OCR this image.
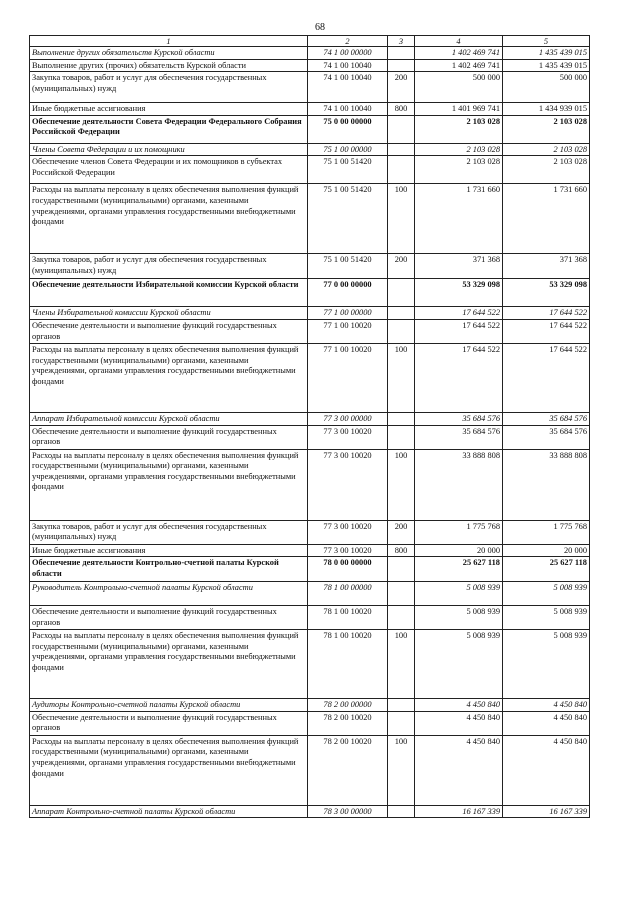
68
1	2	3	4	5
Выполнение других обязательств Курской области	74 1 00 00000		1 402 469 741	1 435 439 015
Выполнение других (прочих) обязательств Курской области	74 1 00 10040		1 402 469 741	1 435 439 015
Закупка товаров, работ и услуг для обеспечения государственных (муниципальных) нужд	74 1 00 10040	200	500 000	500 000
Иные бюджетные ассигнования	74 1 00 10040	800	1 401 969 741	1 434 939 015
Обеспечение деятельности Совета Федерации Федерального Собрания Российской Федерации	75 0 00 00000		2 103 028	2 103 028
Члены Совета Федерации и их помощники	75 1 00 00000		2 103 028	2 103 028
Обеспечение членов Совета Федерации и их помощников в субъектах Российской Федерации	75 1 00 51420		2 103 028	2 103 028
Расходы на выплаты персоналу в целях обеспечения выполнения функций государственными (муниципальными) органами, казенными учреждениями, органами управления государственными внебюджетными фондами	75 1 00 51420	100	1 731 660	1 731 660
Закупка товаров, работ и услуг для обеспечения государственных (муниципальных) нужд	75 1 00 51420	200	371 368	371 368
Обеспечение деятельности Избирательной комиссии Курской области	77 0 00 00000		53 329 098	53 329 098
Члены Избирательной комиссии Курской области	77 1 00 00000		17 644 522	17 644 522
Обеспечение деятельности и выполнение функций государственных органов	77 1 00 10020		17 644 522	17 644 522
Расходы на выплаты персоналу в целях обеспечения выполнения функций государственными (муниципальными) органами, казенными учреждениями, органами управления государственными внебюджетными фондами	77 1 00 10020	100	17 644 522	17 644 522
Аппарат Избирательной комиссии Курской области	77 3 00 00000		35 684 576	35 684 576
Обеспечение деятельности и выполнение функций государственных органов	77 3 00 10020		35 684 576	35 684 576
Расходы на выплаты персоналу в целях обеспечения выполнения функций государственными (муниципальными) органами, казенными учреждениями, органами управления государственными внебюджетными фондами	77 3 00 10020	100	33 888 808	33 888 808
Закупка товаров, работ и услуг для обеспечения государственных (муниципальных) нужд	77 3 00 10020	200	1 775 768	1 775 768
Иные бюджетные ассигнования	77 3 00 10020	800	20 000	20 000
Обеспечение деятельности Контрольно-счетной палаты Курской области	78 0 00 00000		25 627 118	25 627 118
Руководитель Контрольно-счетной палаты Курской области	78 1 00 00000		5 008 939	5 008 939
Обеспечение деятельности и выполнение функций государственных органов	78 1 00 10020		5 008 939	5 008 939
Расходы на выплаты персоналу в целях обеспечения выполнения функций государственными (муниципальными) органами, казенными учреждениями, органами управления государственными внебюджетными фондами	78 1 00 10020	100	5 008 939	5 008 939
Аудиторы Контрольно-счетной палаты Курской области	78 2 00 00000		4 450 840	4 450 840
Обеспечение деятельности и выполнение функций государственных органов	78 2 00 10020		4 450 840	4 450 840
Расходы на выплаты персоналу в целях обеспечения выполнения функций государственными (муниципальными) органами, казенными учреждениями, органами управления государственными внебюджетными фондами	78 2 00 10020	100	4 450 840	4 450 840
Аппарат Контрольно-счетной палаты Курской области	78 3 00 00000		16 167 339	16 167 339
